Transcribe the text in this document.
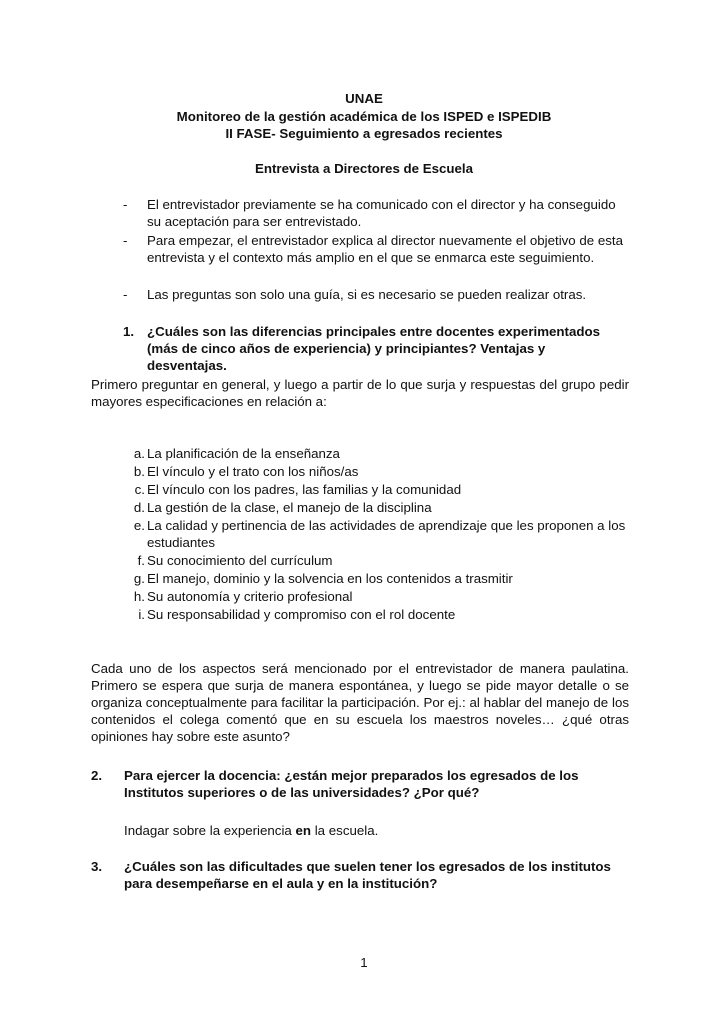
UNAE
Monitoreo de la gestión académica de los ISPED e ISPEDIB
II FASE- Seguimiento a egresados recientes
Entrevista a Directores de Escuela
- El entrevistador previamente se ha comunicado con el director y ha conseguido su aceptación para ser entrevistado.
- Para empezar, el entrevistador explica al director nuevamente el objetivo de esta entrevista y el contexto más amplio en el que se enmarca este seguimiento.
- Las preguntas son solo una guía, si es necesario se pueden realizar otras.
1. ¿Cuáles son las diferencias principales entre docentes experimentados (más de cinco años de experiencia) y principiantes? Ventajas y desventajas.
Primero preguntar en general, y luego a partir de lo que surja y respuestas del grupo pedir mayores especificaciones en relación a:
a. La planificación de la enseñanza
b. El vínculo y el trato con los niños/as
c. El vínculo con los padres, las familias y la comunidad
d. La gestión de la clase, el manejo de la disciplina
e. La calidad y pertinencia de las actividades de aprendizaje que les proponen a los estudiantes
f. Su conocimiento del currículum
g. El manejo, dominio y la solvencia en los contenidos a trasmitir
h. Su autonomía y criterio profesional
i. Su responsabilidad y compromiso con el rol docente
Cada uno de los aspectos será mencionado por el entrevistador de manera paulatina. Primero se espera que surja de manera espontánea, y luego se pide mayor detalle o se organiza conceptualmente para facilitar la participación. Por ej.: al hablar del manejo de los contenidos el colega comentó que en su escuela los maestros noveles… ¿qué otras opiniones hay sobre este asunto?
2. Para ejercer la docencia: ¿están mejor preparados los egresados de los Institutos superiores o de las universidades? ¿Por qué?
Indagar sobre la experiencia en la escuela.
3. ¿Cuáles son las dificultades que suelen tener los egresados de los institutos para desempeñarse en el aula y en la institución?
1
